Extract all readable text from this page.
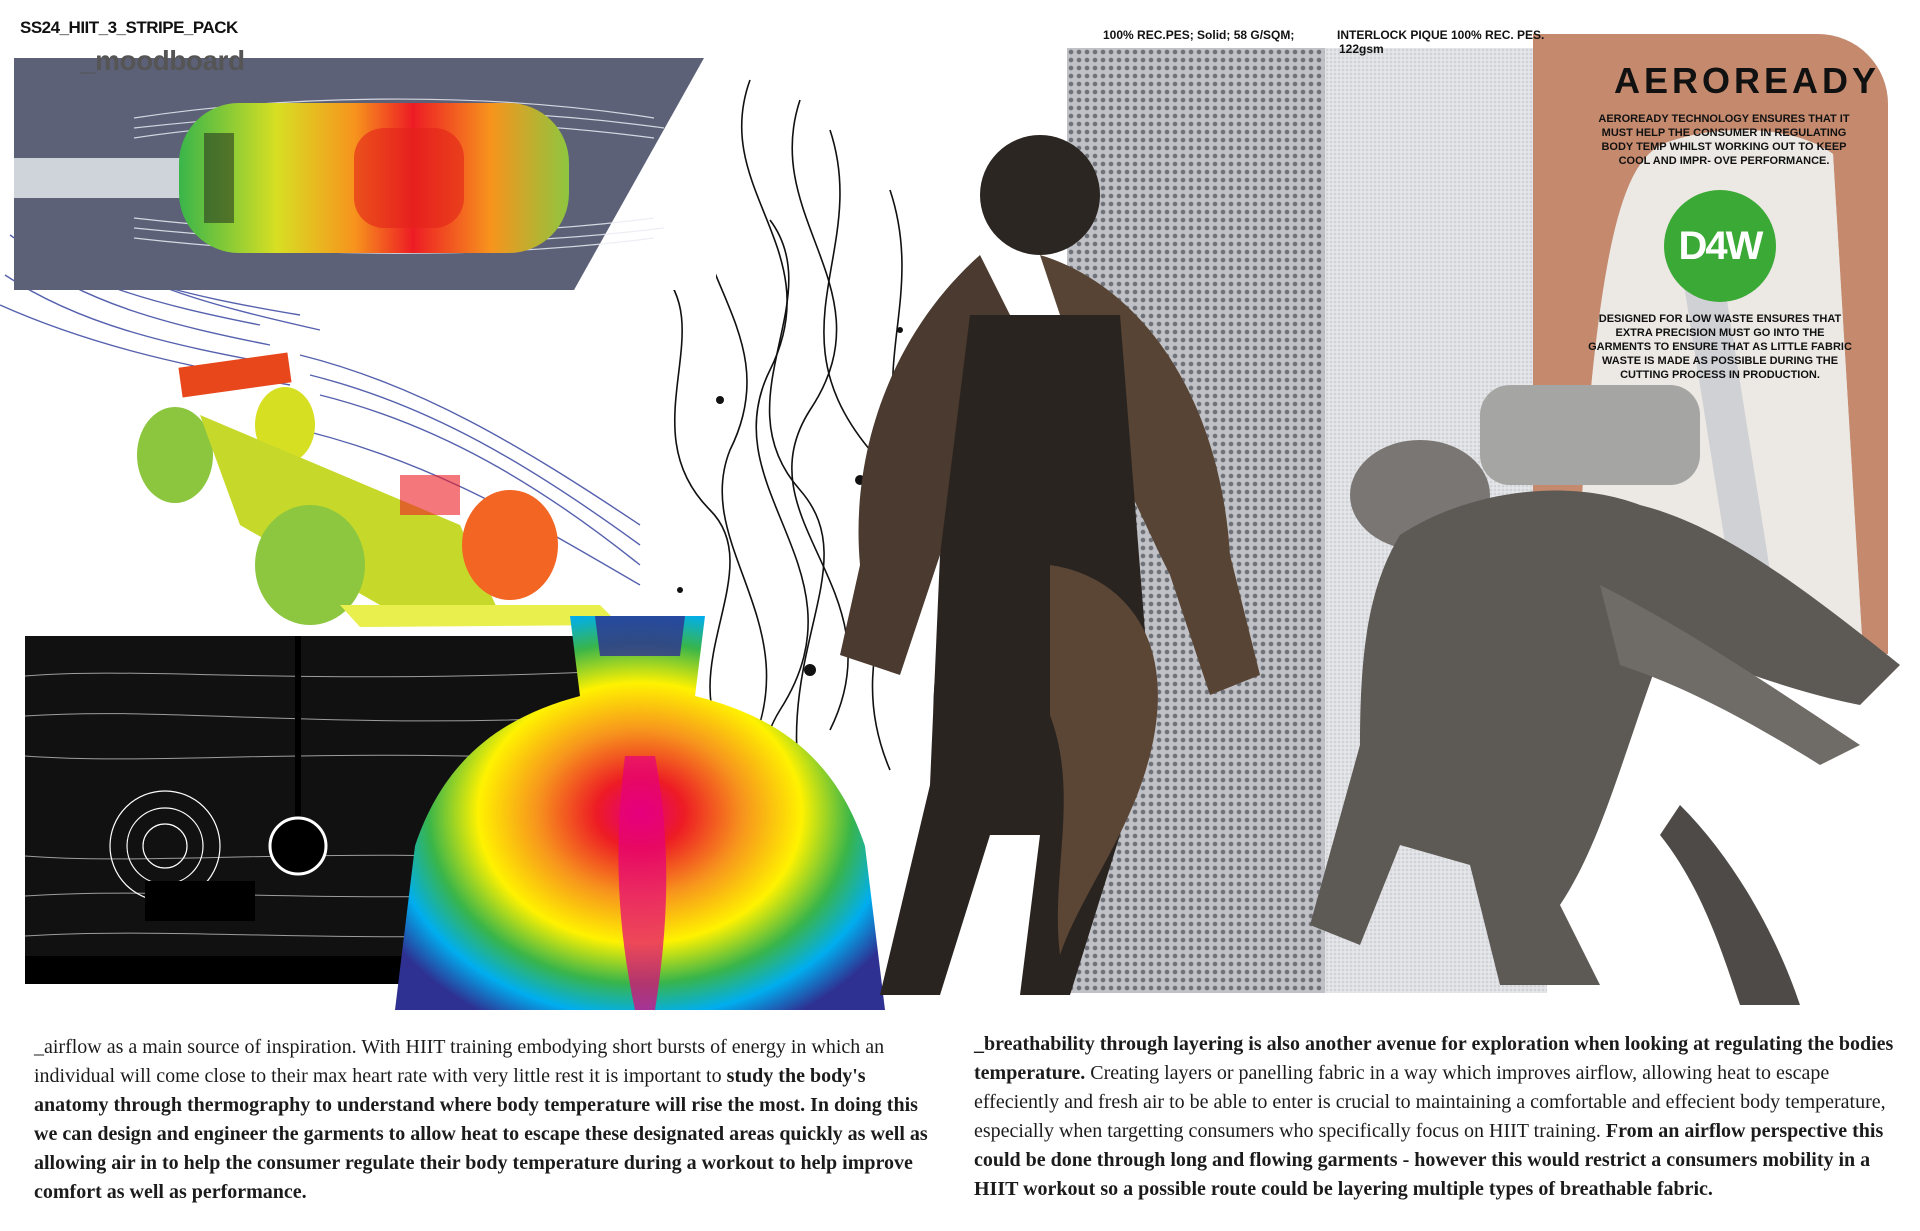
SS24_HIIT_3_STRIPE_PACK
_moodboard
100% REC.PES; Solid; 58 G/SQM;	INTERLOCK PIQUE 100% REC. PES.
122gsm
AEROREADY
AEROREADY TECHNOLOGY ENSURES THAT IT MUST HELP THE CONSUMER IN REGULATING BODY TEMP WHILST WORKING OUT TO KEEP COOL AND IMPR- OVE PERFORMANCE.
D4W
DESIGNED FOR LOW WASTE ENSURES THAT EXTRA PRECISION MUST GO INTO THE GARMENTS TO ENSURE THAT AS LITTLE FABRIC WASTE IS MADE AS POSSIBLE DURING THE CUTTING PROCESS IN PRODUCTION.
_airflow as a main source of inspiration. With HIIT training embodying short bursts of energy in which an individual will come close to their max heart rate with very little rest it is important to study the body's anatomy through thermography to understand where body temperature will rise the most. In doing this we can design and engineer the garments to allow heat to escape these designated areas quickly as well as allowing air in to help the consumer regulate their body temperature during a workout to help improve comfort as well as performance.
_breathability through layering is also another avenue for exploration when looking at regulating the bodies temperature. Creating layers or panelling fabric in a way which improves airflow, allowing heat to escape effeciently and fresh air to be able to enter is crucial to maintaining a comfortable and effecient body temperature, especially when targetting consumers who specifically focus on HIIT training. From an airflow perspective this could be done through long and flowing garments - however this would restrict a consumers mobility in a HIIT workout so a possible route could be layering multiple types of breathable fabric.
